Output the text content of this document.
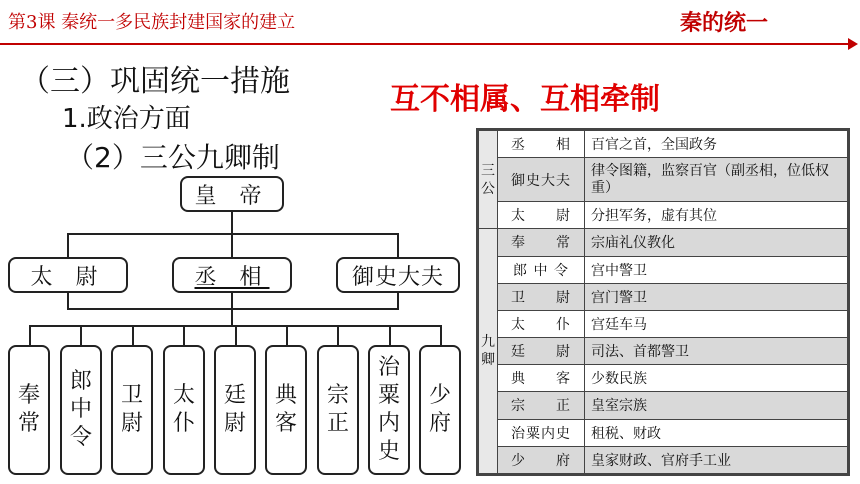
第3课 秦统一多民族封建国家的建立	秦的统一
（三）巩固统一措施
1.政治方面
（2）三公九卿制
互不相属、互相牵制
皇 帝
太 尉	丞 相	御史大夫
奉常
郎中令
卫尉
太仆
廷尉
典客
宗正
治粟内史
少府
三公	丞　　相	百官之首，全国政务
	御史大夫	律令图籍，监察百官（副丞相，位低权重）
	太　　尉	分担军务，虚有其位
九卿	奉　　常	宗庙礼仪教化
	郎 中 令	宫中警卫
	卫　　尉	宫门警卫
	太　　仆	宫廷车马
	廷　　尉	司法、首都警卫
	典　　客	少数民族
	宗　　正	皇室宗族
	治粟内史	租税、财政
	少　　府	皇家财政、官府手工业
